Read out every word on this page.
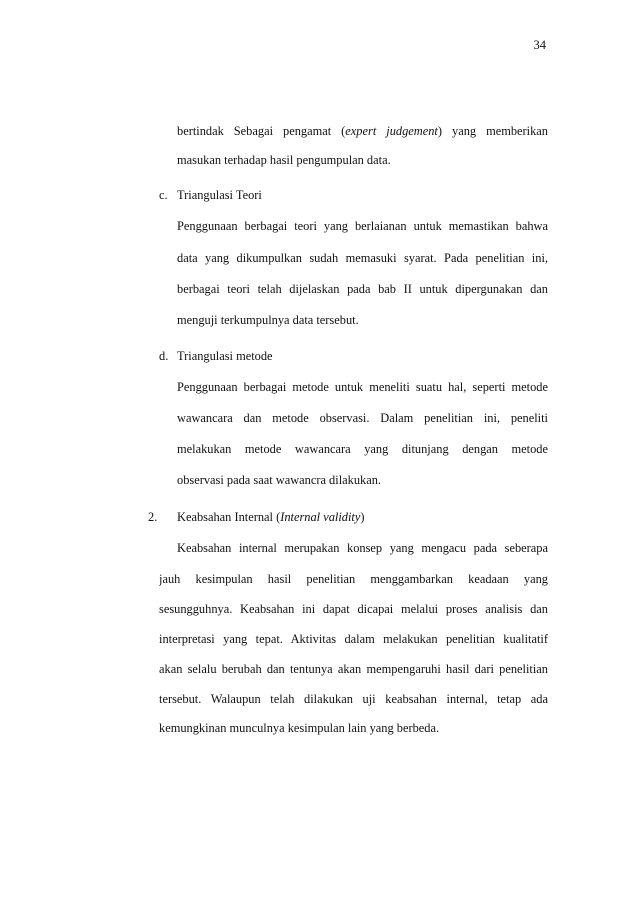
34
bertindak Sebagai pengamat (expert judgement) yang memberikan
masukan terhadap hasil pengumpulan data.
c. Triangulasi Teori
Penggunaan berbagai teori yang berlaianan untuk memastikan bahwa
data yang dikumpulkan sudah memasuki syarat. Pada penelitian ini,
berbagai teori telah dijelaskan pada bab II untuk dipergunakan dan
menguji terkumpulnya data tersebut.
d. Triangulasi metode
Penggunaan berbagai metode untuk meneliti suatu hal, seperti metode
wawancara dan metode observasi. Dalam penelitian ini, peneliti
melakukan metode wawancara yang ditunjang dengan metode
observasi pada saat wawancra dilakukan.
2. Keabsahan Internal (Internal validity)
Keabsahan internal merupakan konsep yang mengacu pada seberapa
jauh kesimpulan hasil penelitian menggambarkan keadaan yang
sesungguhnya. Keabsahan ini dapat dicapai melalui proses analisis dan
interpretasi yang tepat. Aktivitas dalam melakukan penelitian kualitatif
akan selalu berubah dan tentunya akan mempengaruhi hasil dari penelitian
tersebut. Walaupun telah dilakukan uji keabsahan internal, tetap ada
kemungkinan munculnya kesimpulan lain yang berbeda.
